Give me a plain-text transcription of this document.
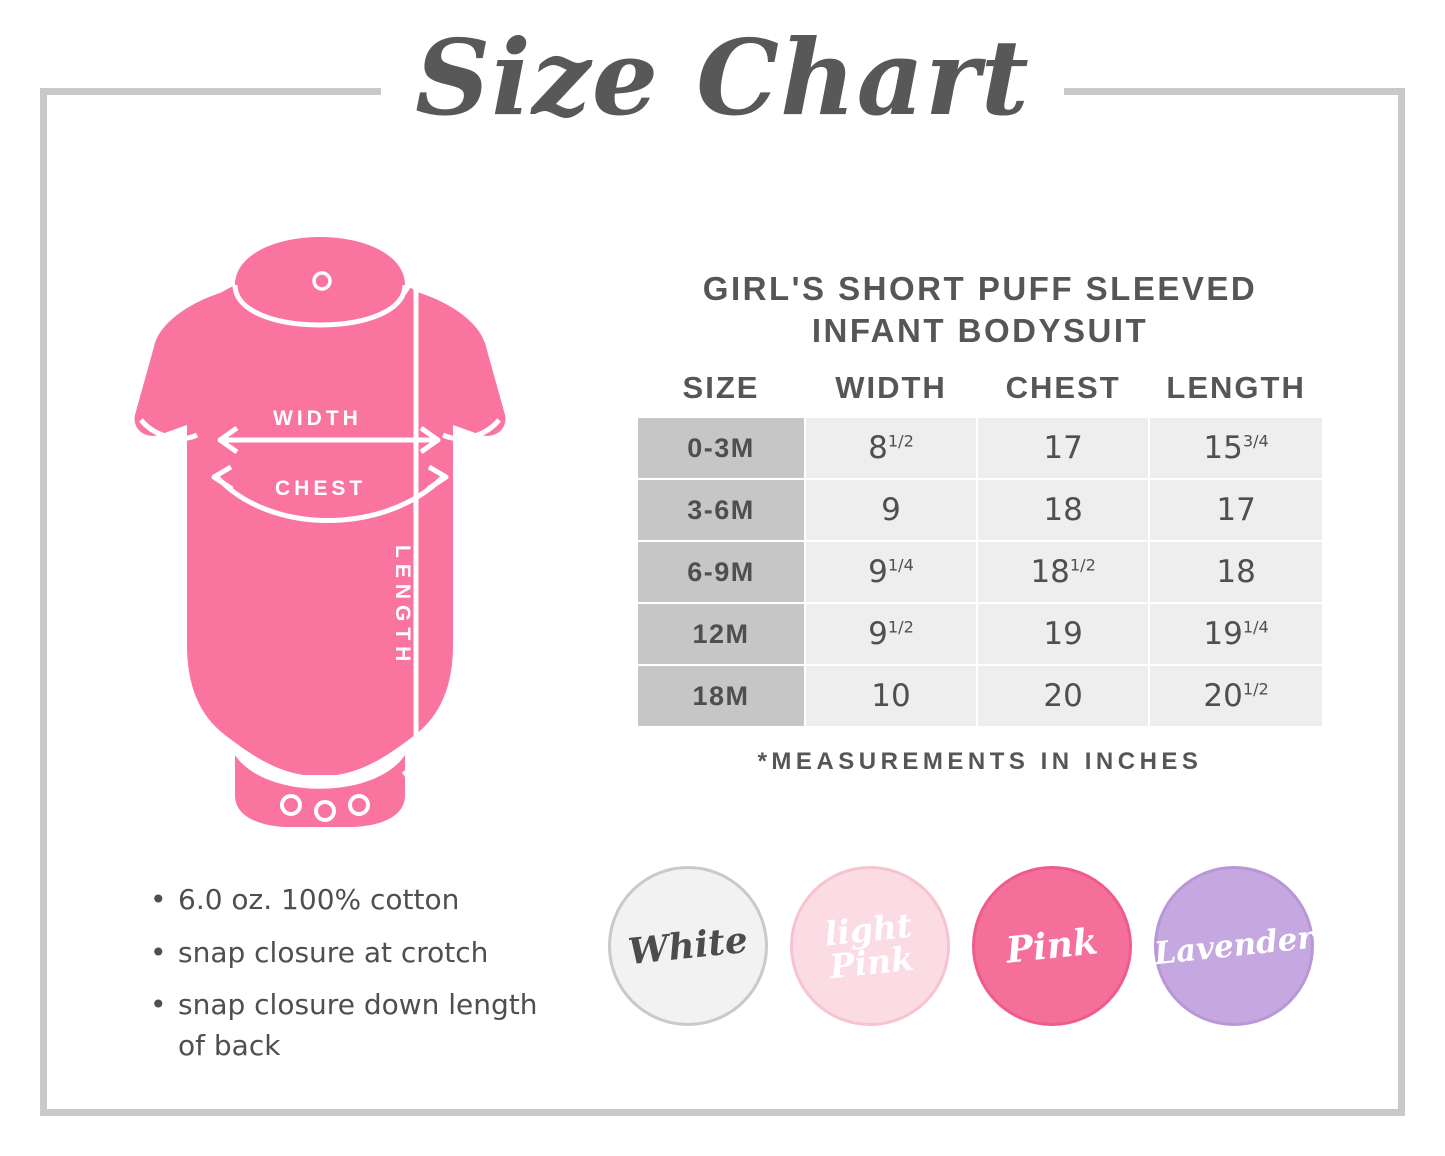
Size Chart
WIDTH
CHEST
LENGTH
GIRL'S SHORT PUFF SLEEVED
INFANT BODYSUIT
SIZE	WIDTH	CHEST	LENGTH
0-3M	$8^{1/2}$	17	$15^{3/4}$
3-6M	9	18	17
6-9M	$9^{1/4}$	$18^{1/2}$	18
12M	$9^{1/2}$	19	$19^{1/4}$
18M	10	20	$20^{1/2}$
*MEASUREMENTS IN INCHES
• 6.0 oz. 100% cotton
• snap closure at crotch
• snap closure down length of back
White	light Pink	Pink Lavender
